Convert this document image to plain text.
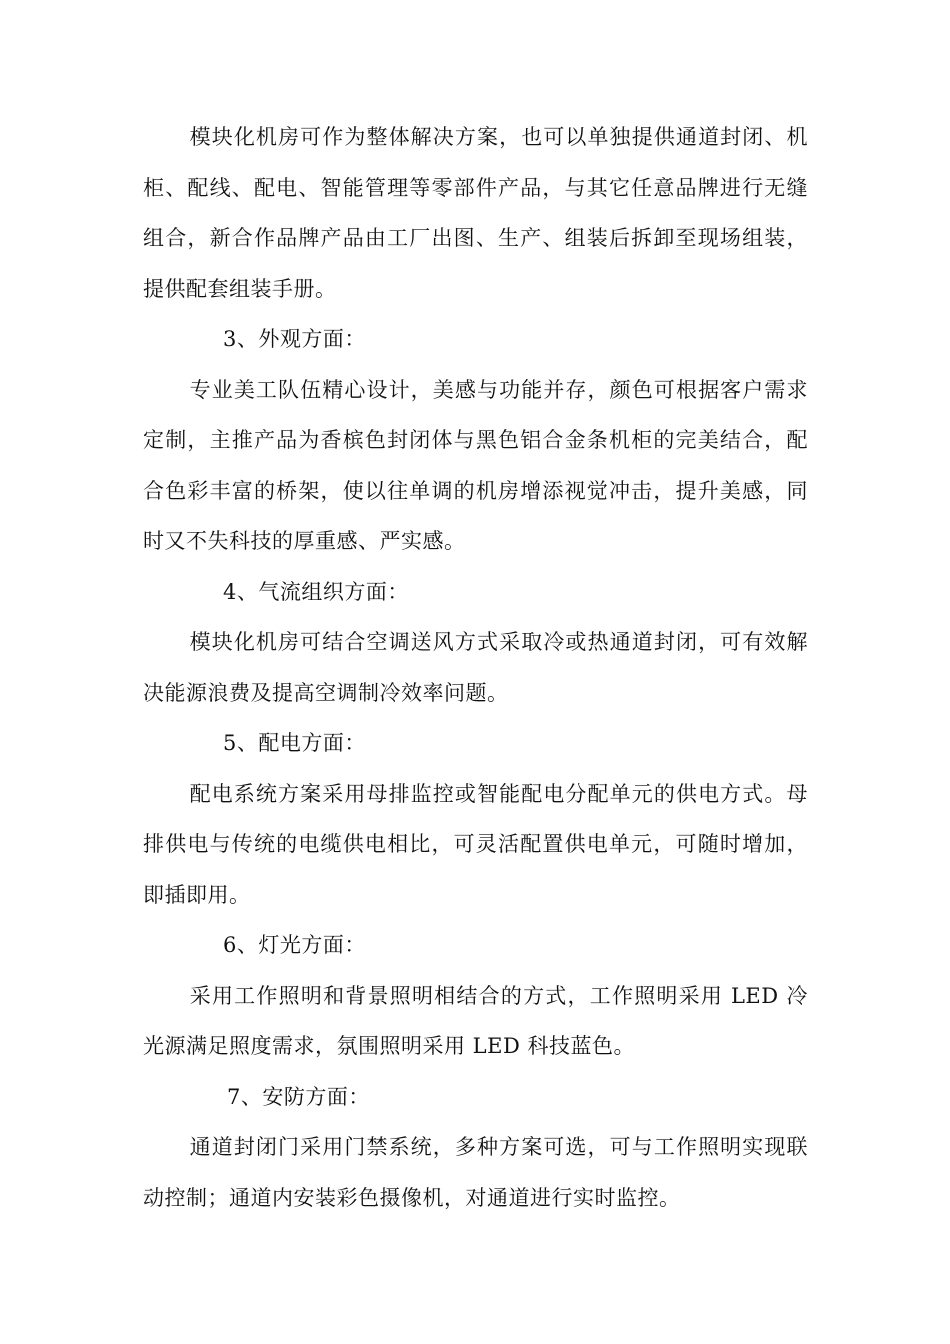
模块化机房可作为整体解决方案，也可以单独提供通道封闭、机柜、配线、配电、智能管理等零部件产品，与其它任意品牌进行无缝组合，新合作品牌产品由工厂出图、生产、组装后拆卸至现场组装，提供配套组装手册。

3、外观方面：

专业美工队伍精心设计，美感与功能并存，颜色可根据客户需求定制，主推产品为香槟色封闭体与黑色铝合金条机柜的完美结合，配合色彩丰富的桥架，使以往单调的机房增添视觉冲击，提升美感，同时又不失科技的厚重感、严实感。

4、气流组织方面：

模块化机房可结合空调送风方式采取冷或热通道封闭，可有效解决能源浪费及提高空调制冷效率问题。

5、配电方面：

配电系统方案采用母排监控或智能配电分配单元的供电方式。母排供电与传统的电缆供电相比，可灵活配置供电单元，可随时增加，即插即用。

6、灯光方面：

采用工作照明和背景照明相结合的方式，工作照明采用 LED 冷光源满足照度需求，氛围照明采用 LED 科技蓝色。

7、安防方面：

通道封闭门采用门禁系统，多种方案可选，可与工作照明实现联动控制；通道内安装彩色摄像机，对通道进行实时监控。
